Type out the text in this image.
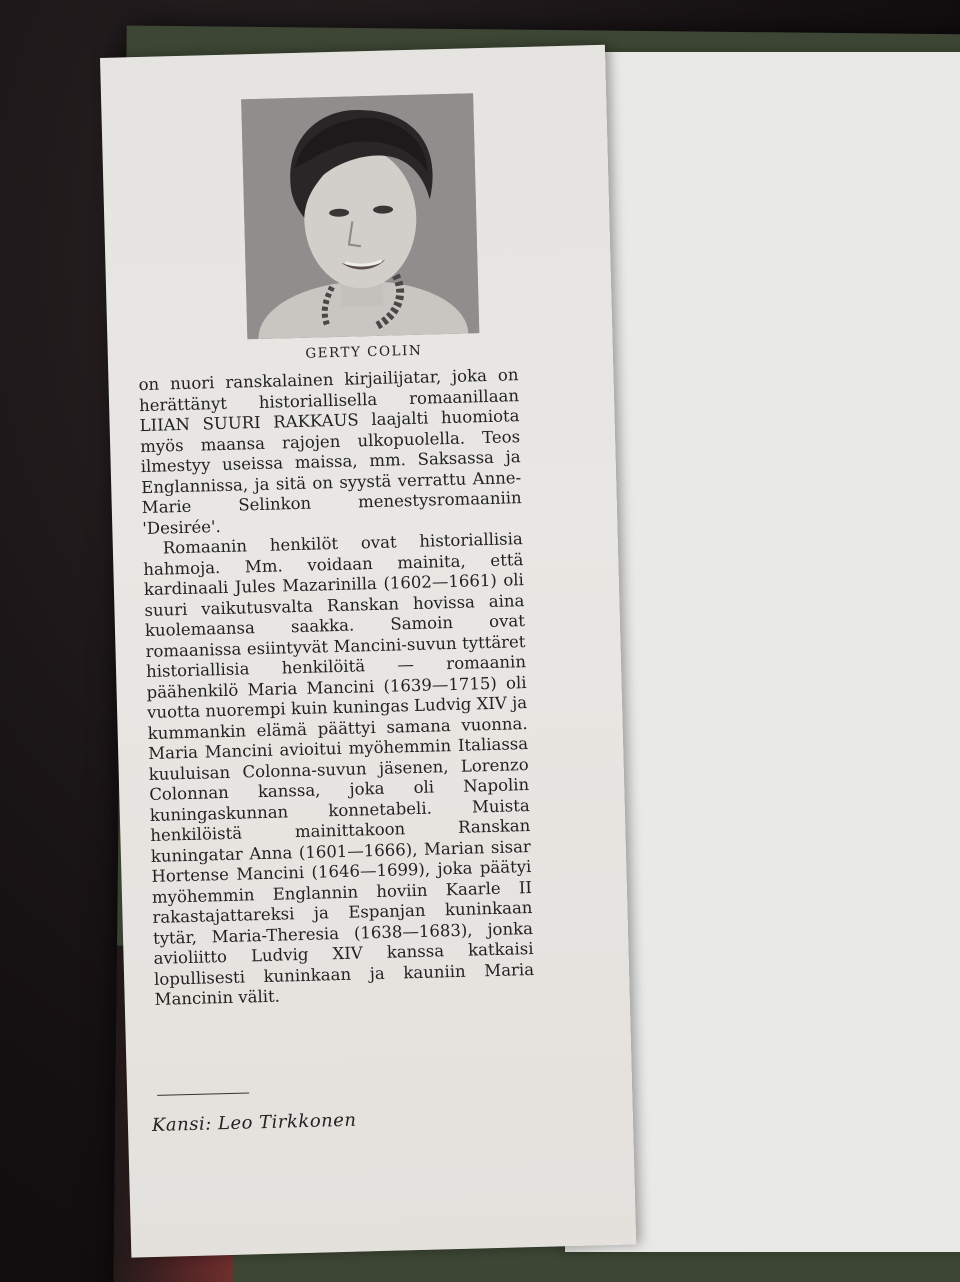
GERTY COLIN

on nuori ranskalainen kirjailijatar, joka on herättänyt historiallisella romaanillaan LIIAN SUURI RAKKAUS laajalti huomiota myös maansa rajojen ulkopuolella. Teos ilmestyy useissa maissa, mm. Saksassa ja Englannissa, ja sitä on syystä verrattu Anne-Marie Selinkon menestysromaaniin 'Desirée'.

Romaanin henkilöt ovat historiallisia hahmoja. Mm. voidaan mainita, että kardinaali Jules Mazarinilla (1602—1661) oli suuri vaikutusvalta Ranskan hovissa aina kuolemaansa saakka. Samoin ovat romaanissa esiintyvät Mancini-suvun tyttäret historiallisia henkilöitä — romaanin päähenkilö Maria Mancini (1639—1715) oli vuotta nuorempi kuin kuningas Ludvig XIV ja kummankin elämä päättyi samana vuonna. Maria Mancini avioitui myöhemmin Italiassa kuuluisan Colonna-suvun jäsenen, Lorenzo Colonnan kanssa, joka oli Napolin kuningaskunnan konnetabeli. Muista henkilöistä mainittakoon Ranskan kuningatar Anna (1601—1666), Marian sisar Hortense Mancini (1646—1699), joka päätyi myöhemmin Englannin hoviin Kaarle II rakastajattareksi ja Espanjan kuninkaan tytär, Maria-Theresia (1638—1683), jonka avioliitto Ludvig XIV kanssa katkaisi lopullisesti kuninkaan ja kauniin Maria Mancinin välit.

Kansi: Leo Tirkkonen
